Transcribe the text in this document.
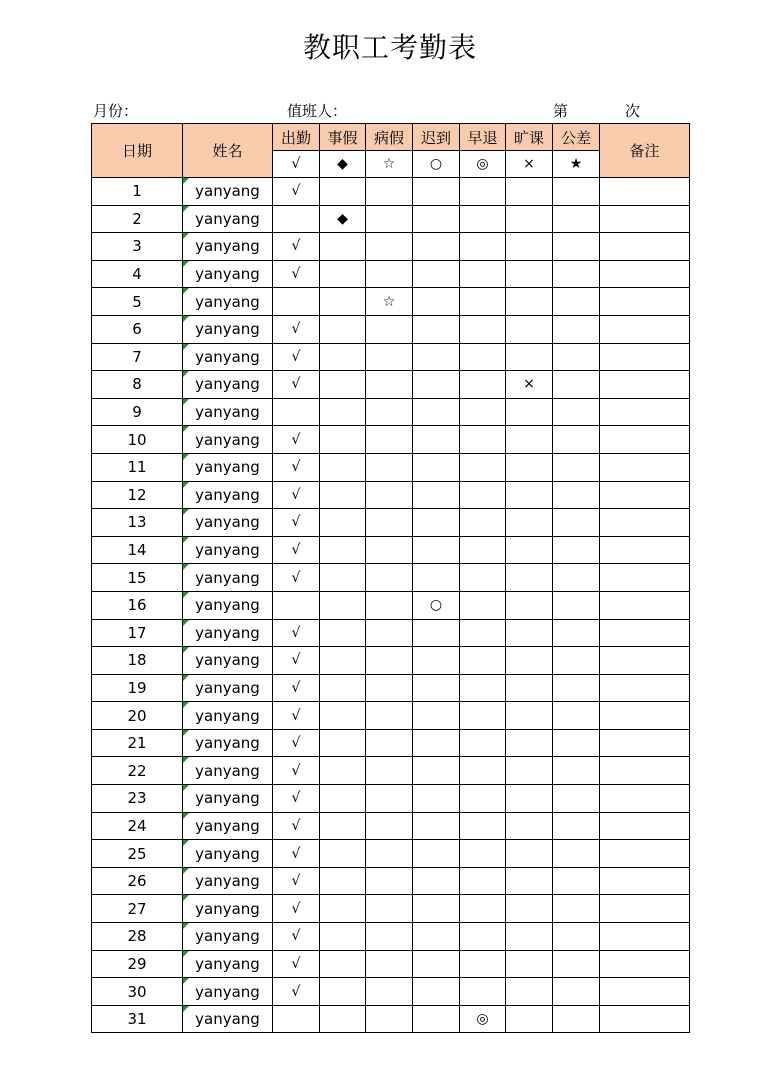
教职工考勤表
月份：	值班人：	第	次
日期	姓名	出勤	事假	病假	迟到	早退	旷课	公差	备注
		√	◆	☆	○	◎	×	★	
1	yanyang	√							
2	yanyang		◆						
3	yanyang	√							
4	yanyang	√							
5	yanyang			☆					
6	yanyang	√							
7	yanyang	√							
8	yanyang	√					×		
9	yanyang								
10	yanyang	√							
11	yanyang	√							
12	yanyang	√							
13	yanyang	√							
14	yanyang	√							
15	yanyang	√							
16	yanyang				○				
17	yanyang	√							
18	yanyang	√							
19	yanyang	√							
20	yanyang	√							
21	yanyang	√							
22	yanyang	√							
23	yanyang	√							
24	yanyang	√							
25	yanyang	√							
26	yanyang	√							
27	yanyang	√							
28	yanyang	√							
29	yanyang	√							
30	yanyang	√							
31	yanyang					◎			
